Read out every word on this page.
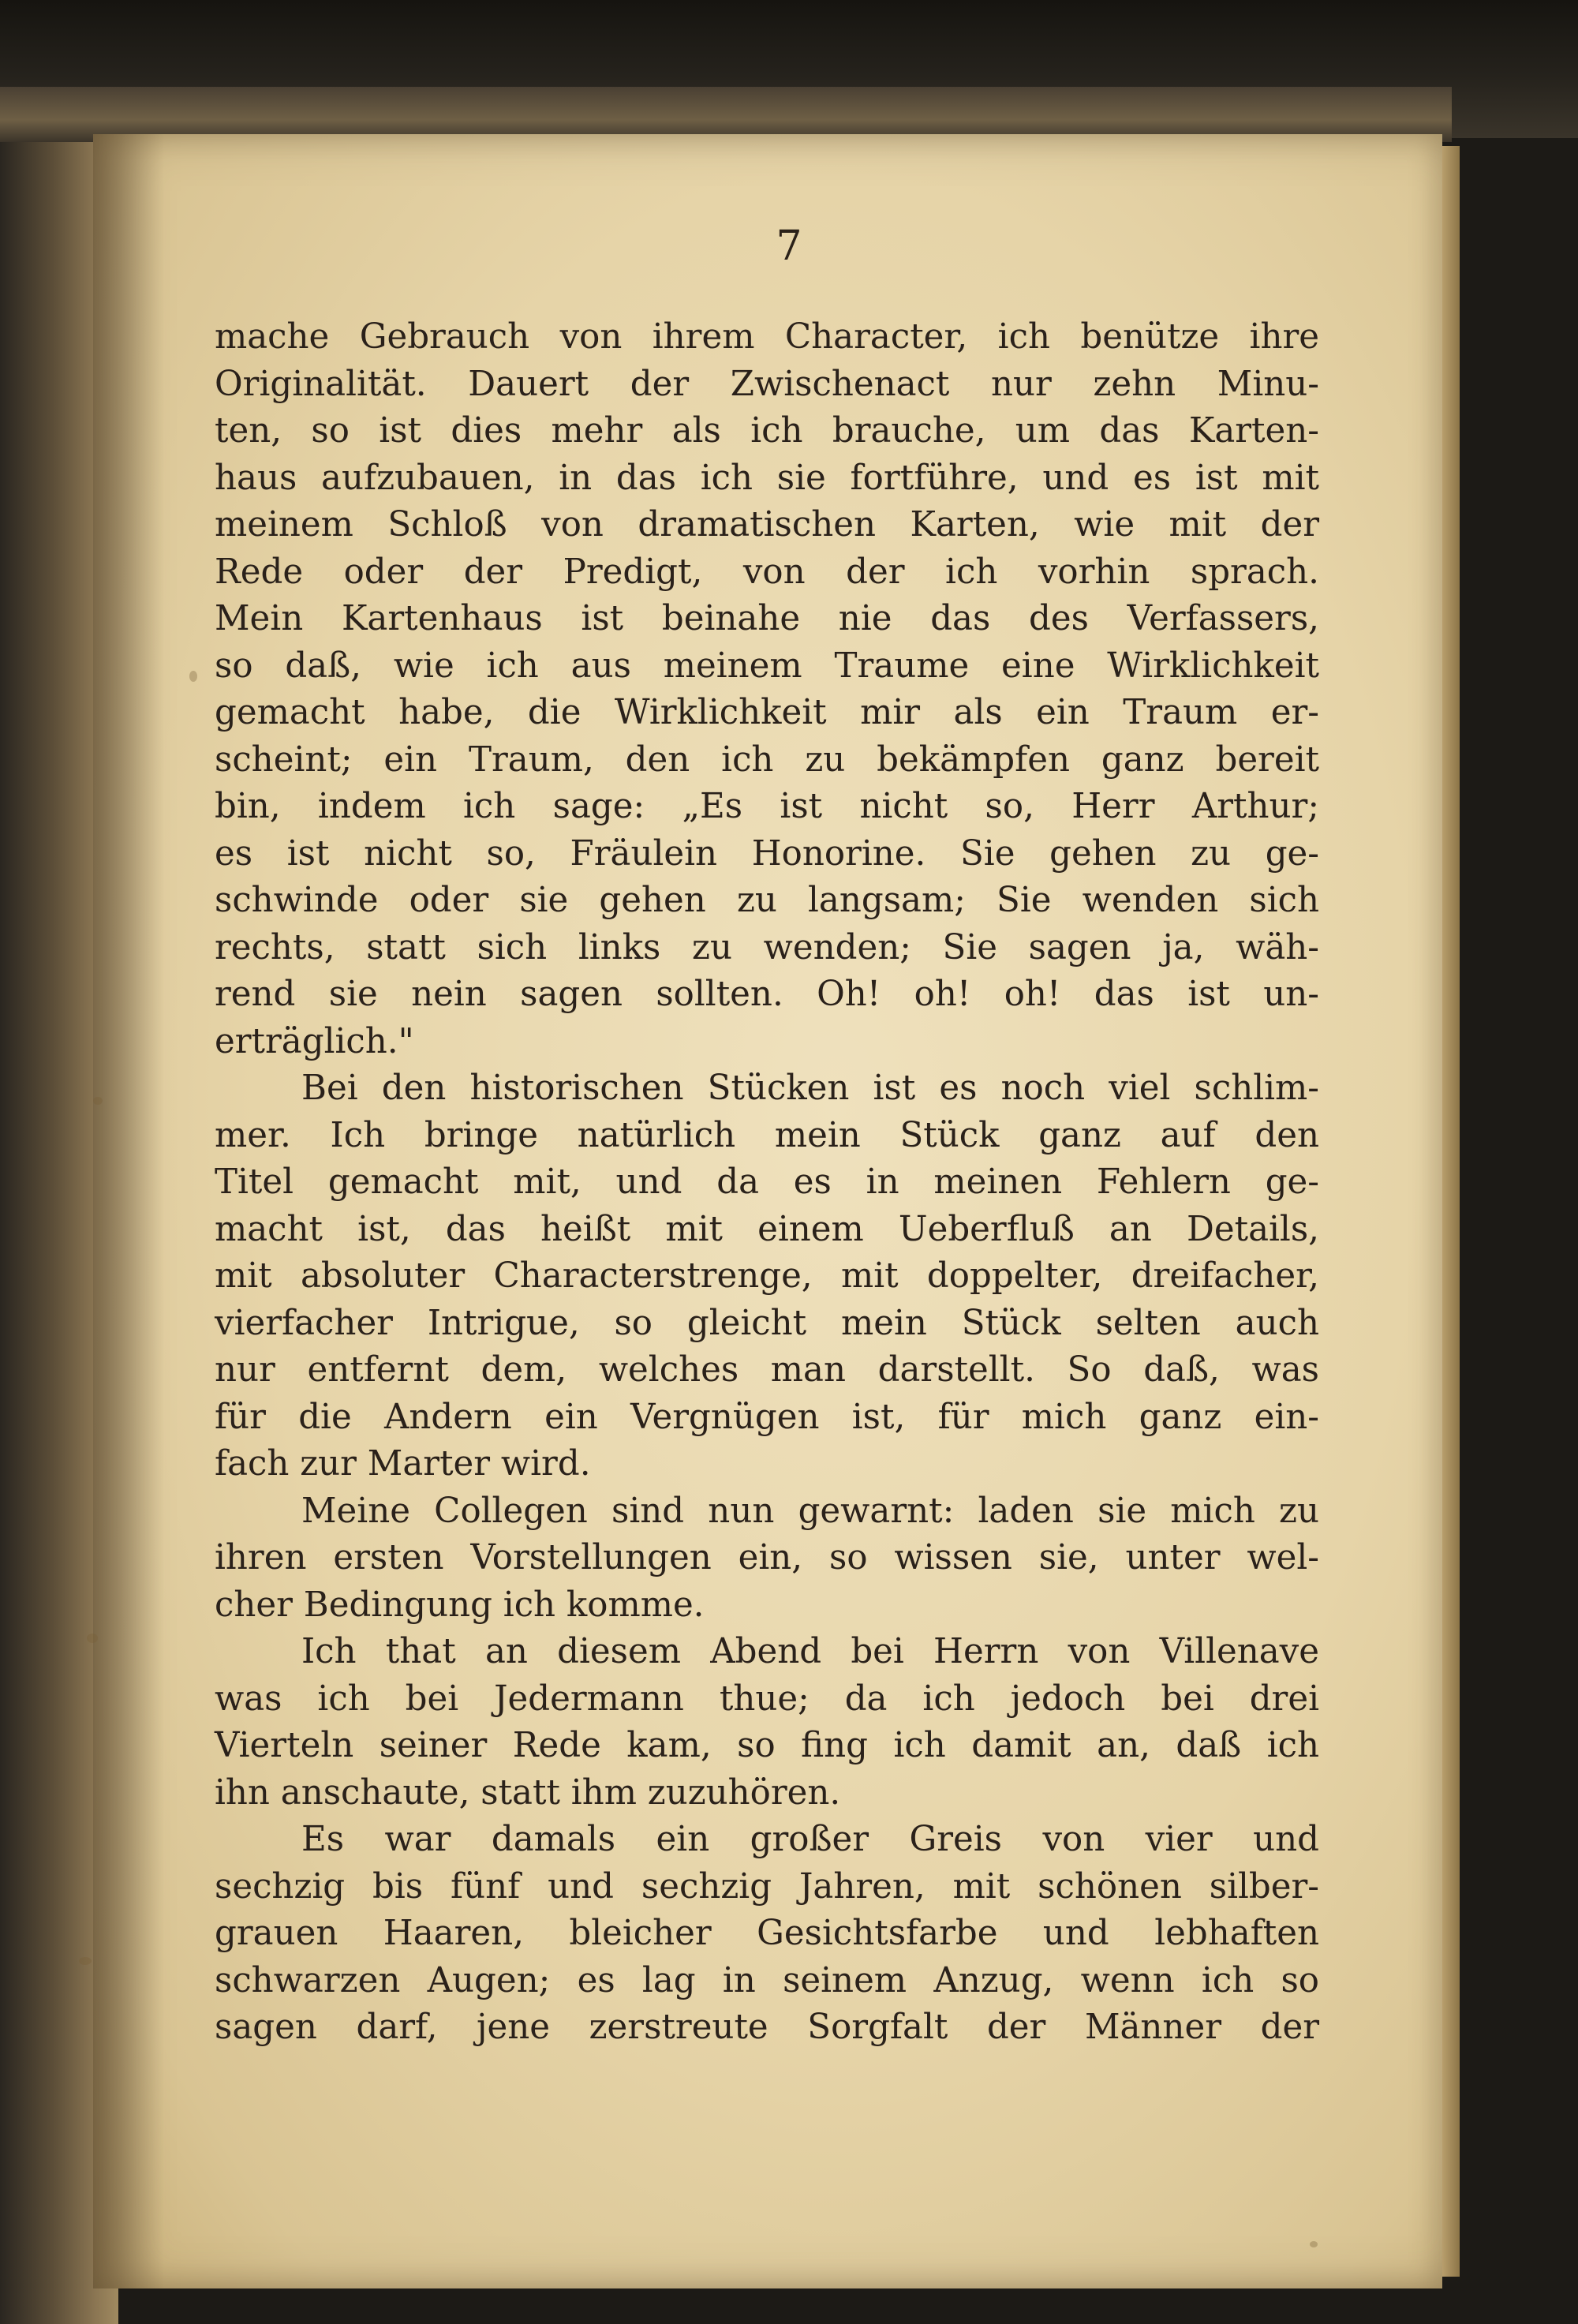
7
mache Gebrauch von ihrem Character, ich benütze ihre
Originalität. Dauert der Zwischenact nur zehn Minu-
ten, so ist dies mehr als ich brauche, um das Karten-
haus aufzubauen, in das ich sie fortführe, und es ist mit
meinem Schloß von dramatischen Karten, wie mit der
Rede oder der Predigt, von der ich vorhin sprach.
Mein Kartenhaus ist beinahe nie das des Verfassers,
so daß, wie ich aus meinem Traume eine Wirklichkeit
gemacht habe, die Wirklichkeit mir als ein Traum er-
scheint; ein Traum, den ich zu bekämpfen ganz bereit
bin, indem ich sage: „Es ist nicht so, Herr Arthur;
es ist nicht so, Fräulein Honorine. Sie gehen zu ge-
schwinde oder sie gehen zu langsam; Sie wenden sich
rechts, statt sich links zu wenden; Sie sagen ja, wäh-
rend sie nein sagen sollten. Oh! oh! oh! das ist un-
erträglich."
Bei den historischen Stücken ist es noch viel schlim-
mer. Ich bringe natürlich mein Stück ganz auf den
Titel gemacht mit, und da es in meinen Fehlern ge-
macht ist, das heißt mit einem Ueberfluß an Details,
mit absoluter Characterstrenge, mit doppelter, dreifacher,
vierfacher Intrigue, so gleicht mein Stück selten auch
nur entfernt dem, welches man darstellt. So daß, was
für die Andern ein Vergnügen ist, für mich ganz ein-
fach zur Marter wird.
Meine Collegen sind nun gewarnt: laden sie mich zu
ihren ersten Vorstellungen ein, so wissen sie, unter wel-
cher Bedingung ich komme.
Ich that an diesem Abend bei Herrn von Villenave
was ich bei Jedermann thue; da ich jedoch bei drei
Vierteln seiner Rede kam, so fing ich damit an, daß ich
ihn anschaute, statt ihm zuzuhören.
Es war damals ein großer Greis von vier und
sechzig bis fünf und sechzig Jahren, mit schönen silber-
grauen Haaren, bleicher Gesichtsfarbe und lebhaften
schwarzen Augen; es lag in seinem Anzug, wenn ich so
sagen darf, jene zerstreute Sorgfalt der Männer der
